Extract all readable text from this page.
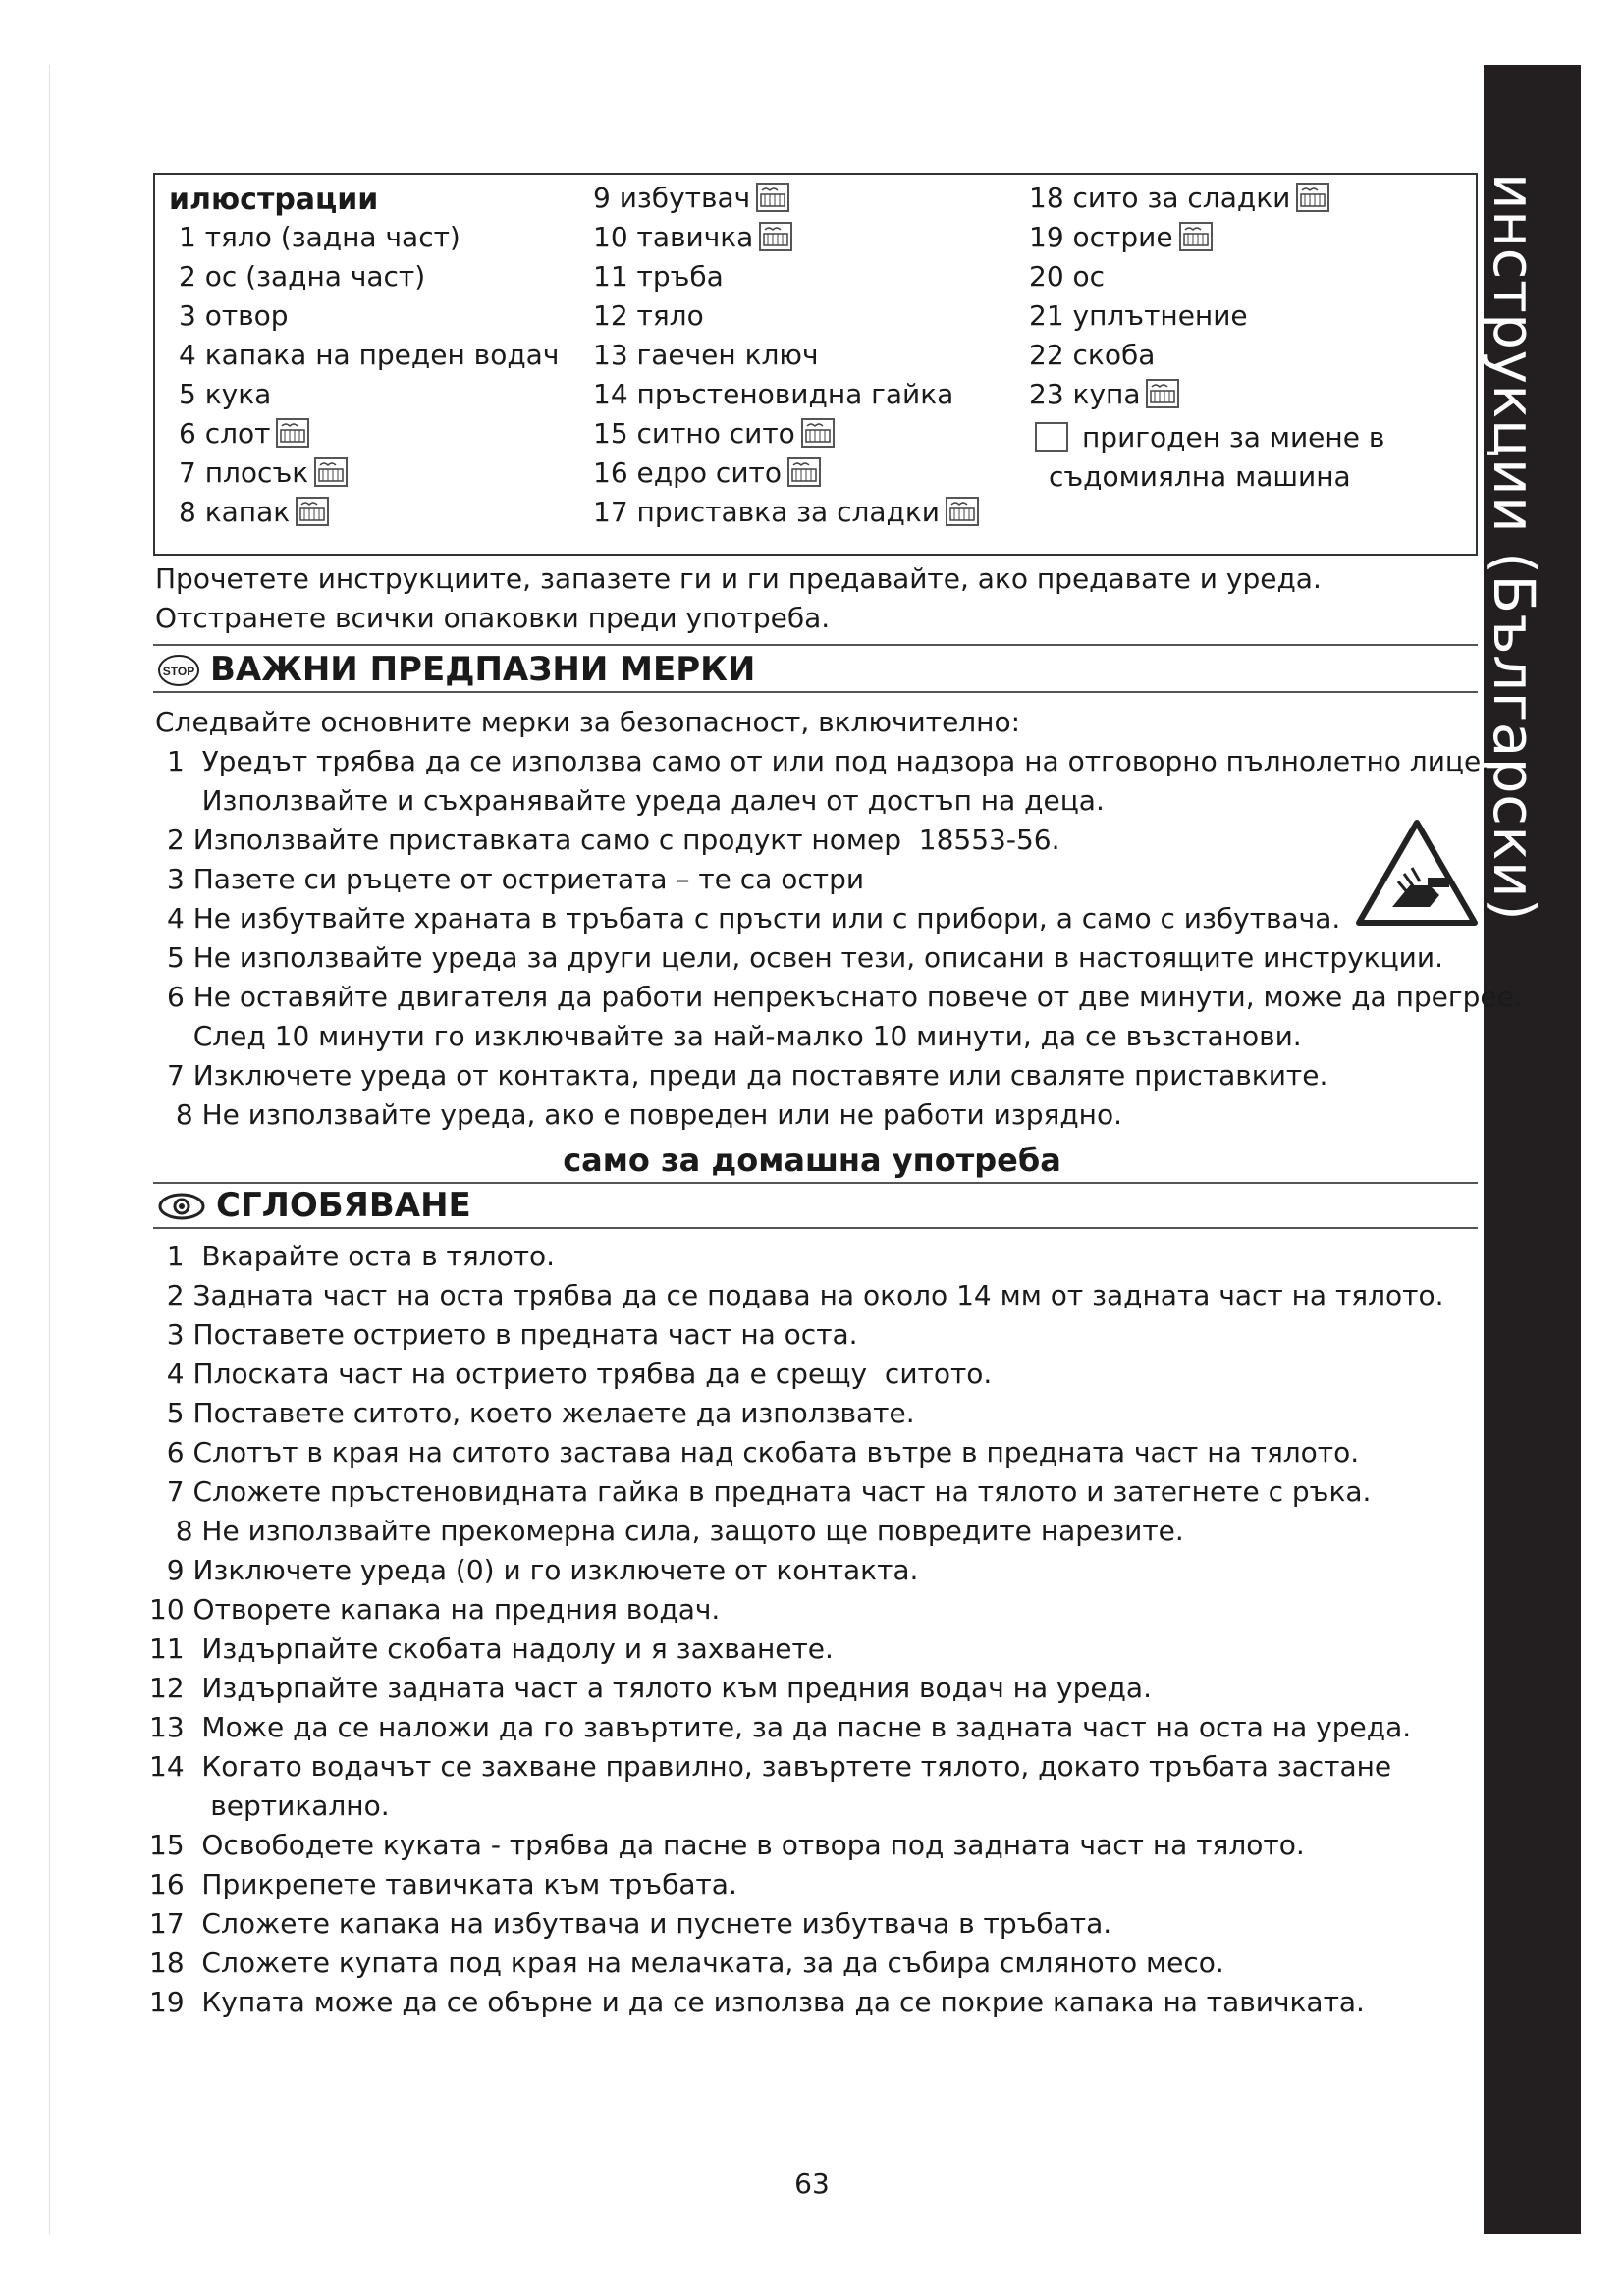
инструкции (Български)
илюстрации
1 тяло (задна част)
2 ос (задна част)
3 отвор
4 капака на преден водач
5 кука
6 слот
7 плосък
8 капак
9 избутвач
10 тавичка
11 тръба
12 тяло
13 гаечен ключ
14 пръстеновидна гайка
15 ситно сито
16 едро сито
17 приставка за сладки
18 сито за сладки
19 острие
20 ос
21 уплътнение
22 скоба
23 купа
пригоден за миене в
съдомиялна машина
Прочетете инструкциите, запазете ги и ги предавайте, ако предавате и уреда.
Отстранете всички опаковки преди употреба.
STOP ВАЖНИ ПРЕДПАЗНИ МЕРКИ
Следвайте основните мерки за безопасност, включително:
1  Уредът трябва да се използва само от или под надзора на отговорно пълнолетно лице.
Използвайте и съхранявайте уреда далеч от достъп на деца.
2 Използвайте приставката само с продукт номер  18553-56.
3 Пазете си ръцете от остриетата – те са остри
4 Не избутвайте храната в тръбата с пръсти или с прибори, а само с избутвача.
5 Не използвайте уреда за други цели, освен тези, описани в настоящите инструкции.
6 Не оставяйте двигателя да работи непрекъснато повече от две минути, може да прегрее.
След 10 минути го изключвайте за най-малко 10 минути, да се възстанови.
7 Изключете уреда от контакта, преди да поставяте или сваляте приставките.
8 Не използвайте уреда, ако е повреден или не работи изрядно.
само за домашна употреба
СГЛОБЯВАНЕ
1  Вкарайте оста в тялото.
2 Задната част на оста трябва да се подава на около 14 мм от задната част на тялото.
3 Поставете острието в предната част на оста.
4 Плоската част на острието трябва да е срещу  ситото.
5 Поставете ситото, което желаете да използвате.
6 Слотът в края на ситото застава над скобата вътре в предната част на тялото.
7 Сложете пръстеновидната гайка в предната част на тялото и затегнете с ръка.
8 Не използвайте прекомерна сила, защото ще повредите нарезите.
9 Изключете уреда (0) и го изключете от контакта.
10 Отворете капака на предния водач.
11  Издърпайте скобата надолу и я захванете.
12  Издърпайте задната част а тялото към предния водач на уреда.
13  Може да се наложи да го завъртите, за да пасне в задната част на оста на уреда.
14  Когато водачът се захване правилно, завъртете тялото, докато тръбата застане
вертикално.
15  Освободете куката - трябва да пасне в отвора под задната част на тялото.
16  Прикрепете тавичката към тръбата.
17  Сложете капака на избутвача и пуснете избутвача в тръбата.
18  Сложете купата под края на мелачката, за да събира смляното месо.
19  Купата може да се обърне и да се използва да се покрие капака на тавичката.
63
